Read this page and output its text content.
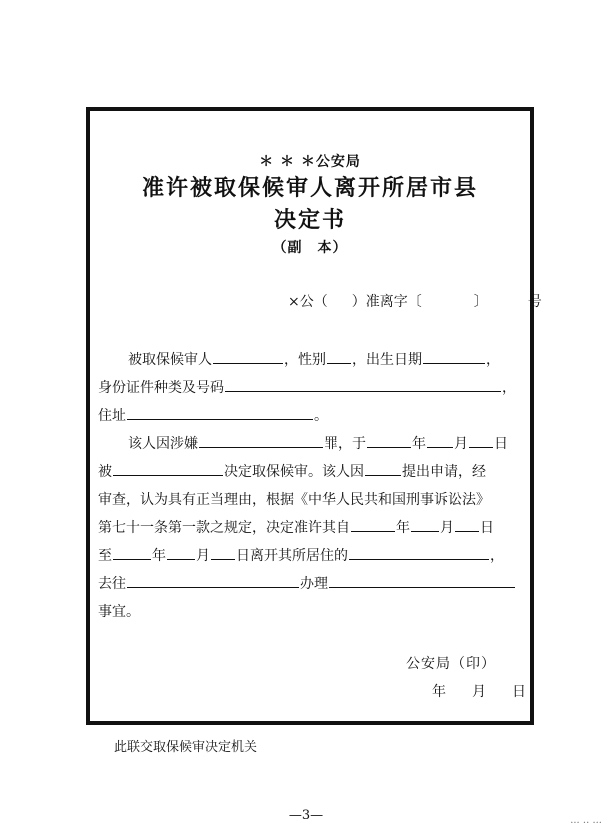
＊ ＊ ＊公安局
准许被取保候审人离开所居市县
决定书
（副　本）
×公（ ）准离字〔	〕	号
被取保候审人	，性别 ，出生日期	，
身份证件种类及号码	，
住址	。
该人因涉嫌	罪，于	年 月 日
被	决定取保候审。该人因	提出申请，经
审查，认为具有正当理由，根据《中华人民共和国刑事诉讼法》
第七十一条第一款之规定，决定准许其自	年 月 日
至	年 月 日离开其所居住的	，
去往	办理
事宜。
公安局（印）
年 月 日
此联交取保候审决定机关
—3—
··· ·· ···
